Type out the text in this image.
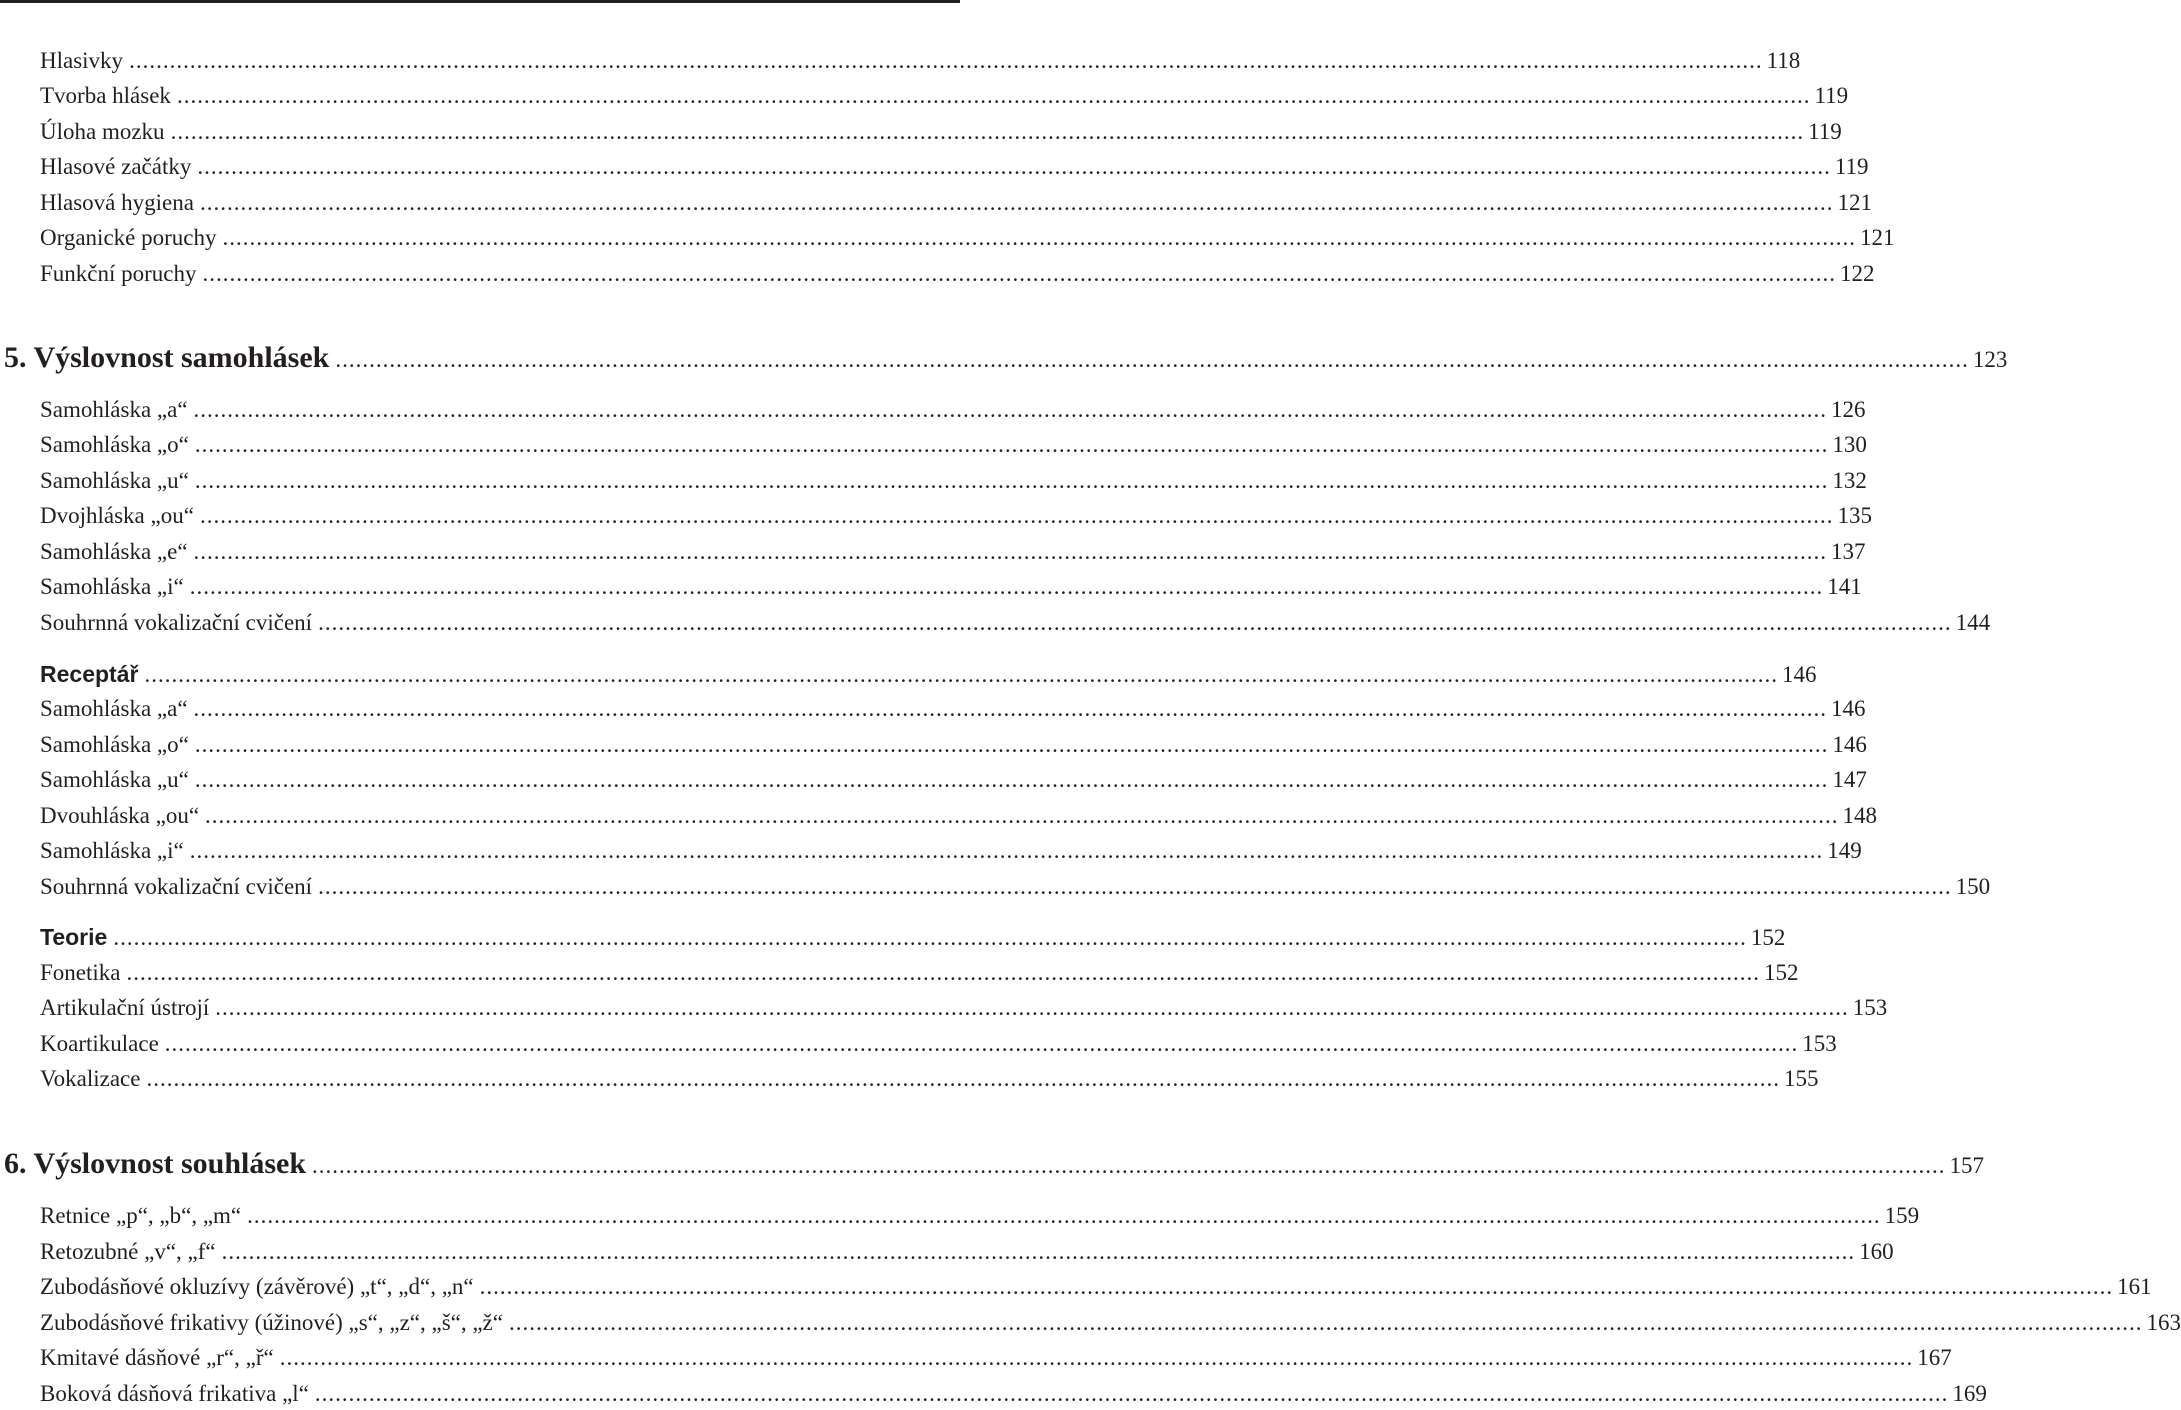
Hlasivky .................................................................................................................................................................................................................................................. 118
Tvorba hlásek .................................................................................................................................................................................................................................................. 119
Úloha mozku .................................................................................................................................................................................................................................................. 119
Hlasové začátky .................................................................................................................................................................................................................................................. 119
Hlasová hygiena .................................................................................................................................................................................................................................................. 121
Organické poruchy .................................................................................................................................................................................................................................................. 121
Funkční poruchy .................................................................................................................................................................................................................................................. 122
5. Výslovnost samohlásek .................................................................................................................................................................................................................................................. 123
Samohláska „a“ .................................................................................................................................................................................................................................................. 126
Samohláska „o“ .................................................................................................................................................................................................................................................. 130
Samohláska „u“ .................................................................................................................................................................................................................................................. 132
Dvojhláska „ou“ .................................................................................................................................................................................................................................................. 135
Samohláska „e“ .................................................................................................................................................................................................................................................. 137
Samohláska „i“ .................................................................................................................................................................................................................................................. 141
Souhrnná vokalizační cvičení .................................................................................................................................................................................................................................................. 144
Receptář .................................................................................................................................................................................................................................................. 146
Samohláska „a“ .................................................................................................................................................................................................................................................. 146
Samohláska „o“ .................................................................................................................................................................................................................................................. 146
Samohláska „u“ .................................................................................................................................................................................................................................................. 147
Dvouhláska „ou“ .................................................................................................................................................................................................................................................. 148
Samohláska „i“ .................................................................................................................................................................................................................................................. 149
Souhrnná vokalizační cvičení .................................................................................................................................................................................................................................................. 150
Teorie .................................................................................................................................................................................................................................................. 152
Fonetika .................................................................................................................................................................................................................................................. 152
Artikulační ústrojí .................................................................................................................................................................................................................................................. 153
Koartikulace .................................................................................................................................................................................................................................................. 153
Vokalizace .................................................................................................................................................................................................................................................. 155
6. Výslovnost souhlásek .................................................................................................................................................................................................................................................. 157
Retnice „p“, „b“, „m“ .................................................................................................................................................................................................................................................. 159
Retozubné „v“, „f“ .................................................................................................................................................................................................................................................. 160
Zubodásňové okluzívy (závěrové) „t“, „d“, „n“ .................................................................................................................................................................................................................................................. 161
Zubodásňové frikativy (úžinové) „s“, „z“, „š“, „ž“ .................................................................................................................................................................................................................................................. 163
Kmitavé dásňové „r“, „ř“ .................................................................................................................................................................................................................................................. 167
Boková dásňová frikativa „l“ .................................................................................................................................................................................................................................................. 169
